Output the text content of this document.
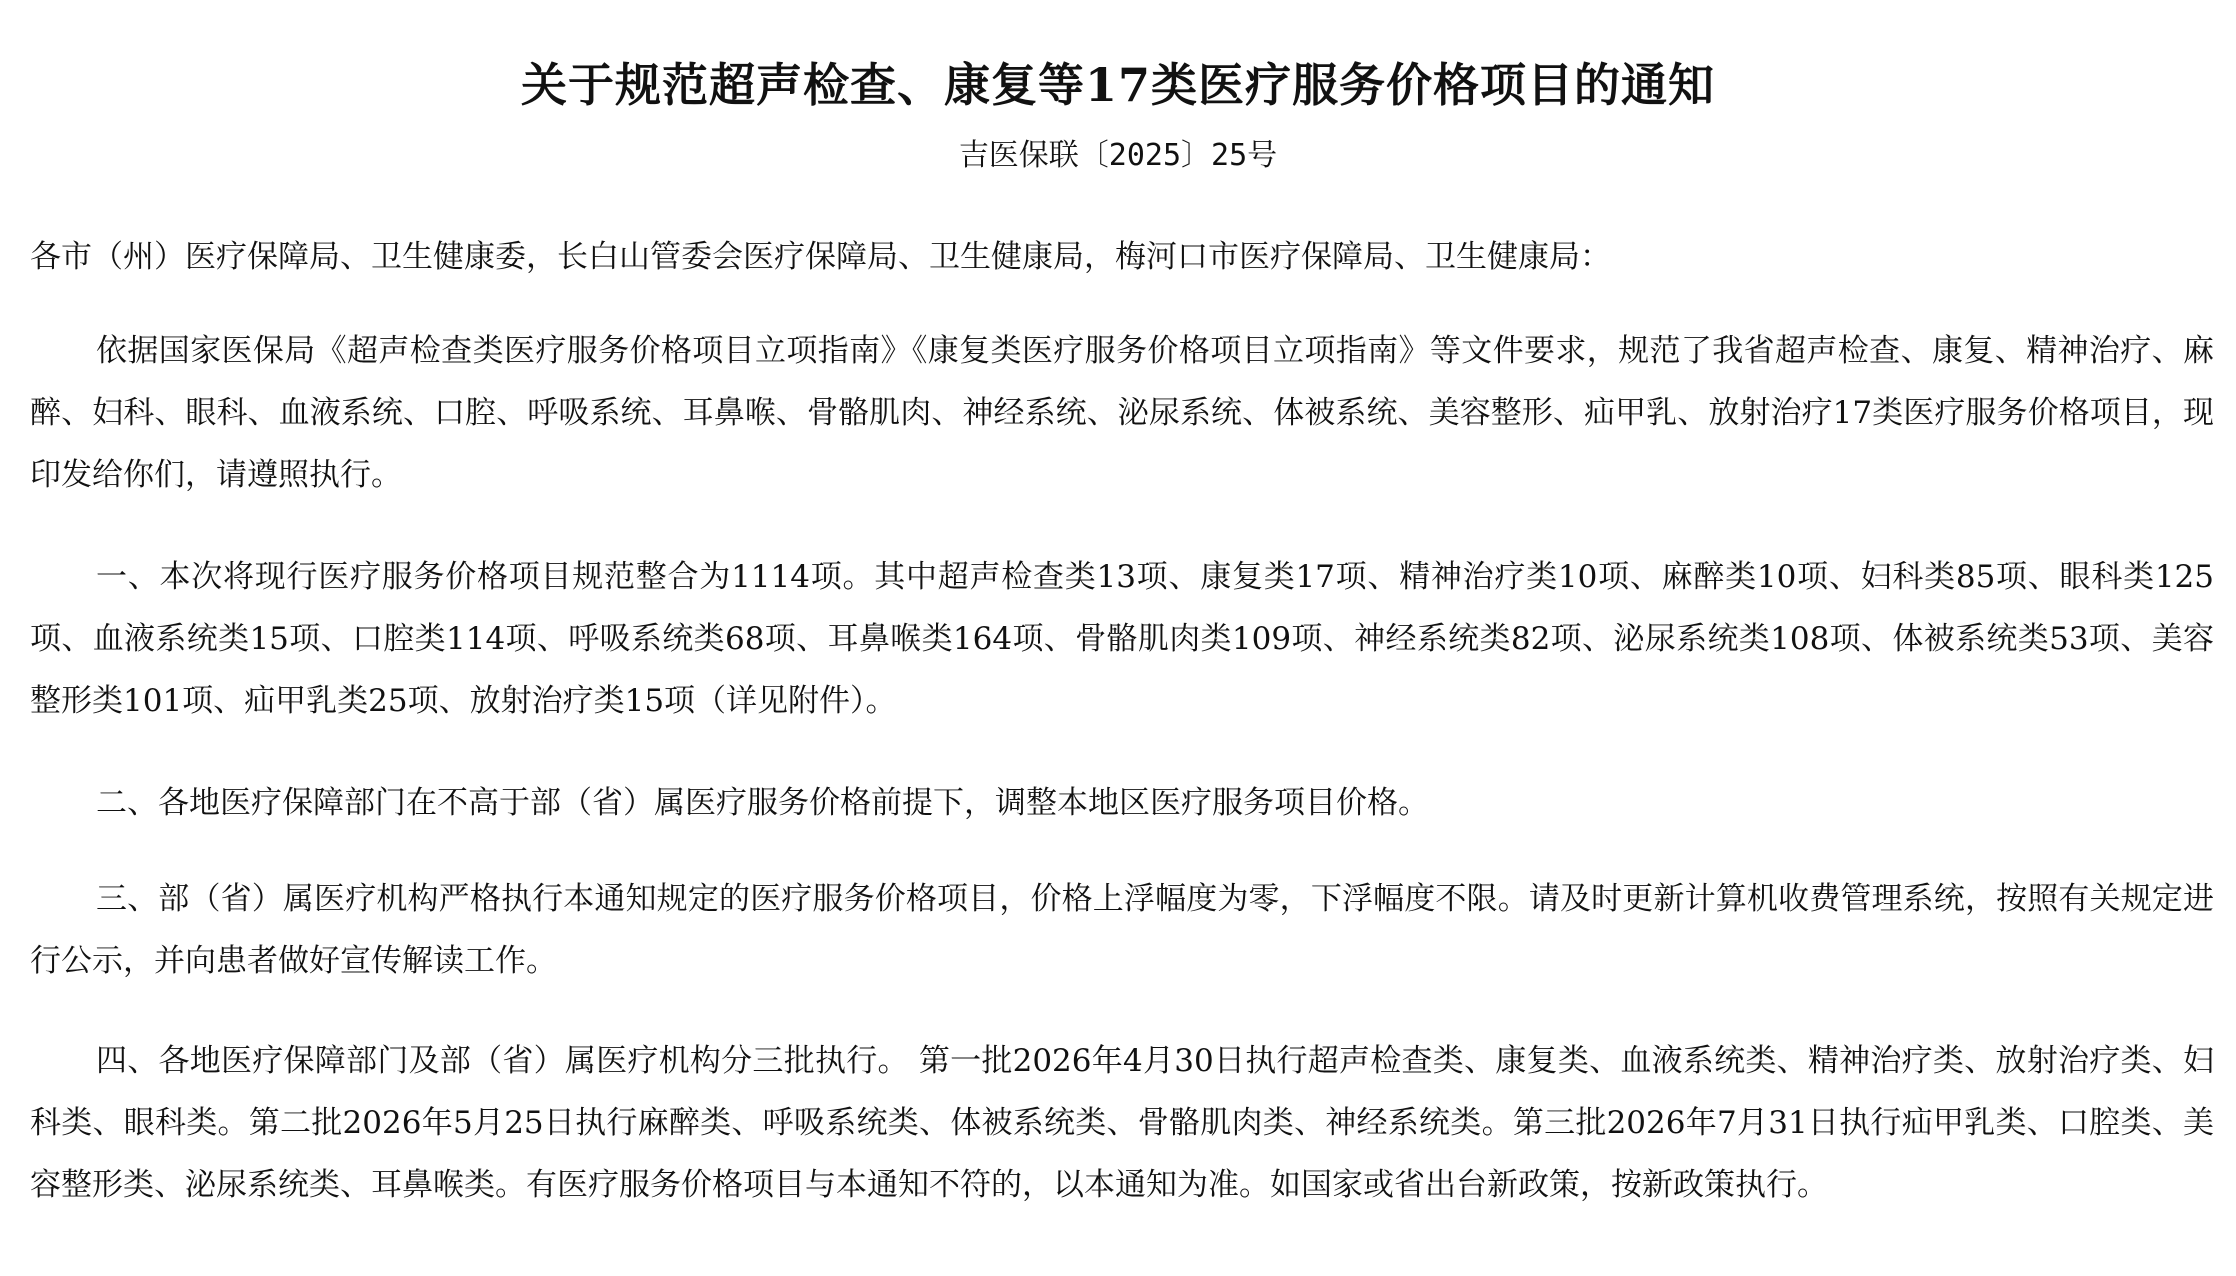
关于规范超声检查、康复等17类医疗服务价格项目的通知
吉医保联〔2025〕25号

各市（州）医疗保障局、卫生健康委，长白山管委会医疗保障局、卫生健康局，梅河口市医疗保障局、卫生健康局：

依据国家医保局《超声检查类医疗服务价格项目立项指南》《康复类医疗服务价格项目立项指南》等文件要求，规范了我省超声检查、康复、精神治疗、麻醉、妇科、眼科、血液系统、口腔、呼吸系统、耳鼻喉、骨骼肌肉、神经系统、泌尿系统、体被系统、美容整形、疝甲乳、放射治疗17类医疗服务价格项目，现印发给你们，请遵照执行。

一、本次将现行医疗服务价格项目规范整合为1114项。其中超声检查类13项、康复类17项、精神治疗类10项、麻醉类10项、妇科类85项、眼科类125项、血液系统类15项、口腔类114项、呼吸系统类68项、耳鼻喉类164项、骨骼肌肉类109项、神经系统类82项、泌尿系统类108项、体被系统类53项、美容整形类101项、疝甲乳类25项、放射治疗类15项（详见附件）。

二、各地医疗保障部门在不高于部（省）属医疗服务价格前提下，调整本地区医疗服务项目价格。

三、部（省）属医疗机构严格执行本通知规定的医疗服务价格项目，价格上浮幅度为零，下浮幅度不限。请及时更新计算机收费管理系统，按照有关规定进行公示，并向患者做好宣传解读工作。

四、各地医疗保障部门及部（省）属医疗机构分三批执行。 第一批2026年4月30日执行超声检查类、康复类、血液系统类、精神治疗类、放射治疗类、妇科类、眼科类。第二批2026年5月25日执行麻醉类、呼吸系统类、体被系统类、骨骼肌肉类、神经系统类。第三批2026年7月31日执行疝甲乳类、口腔类、美容整形类、泌尿系统类、耳鼻喉类。有医疗服务价格项目与本通知不符的，以本通知为准。如国家或省出台新政策，按新政策执行。
